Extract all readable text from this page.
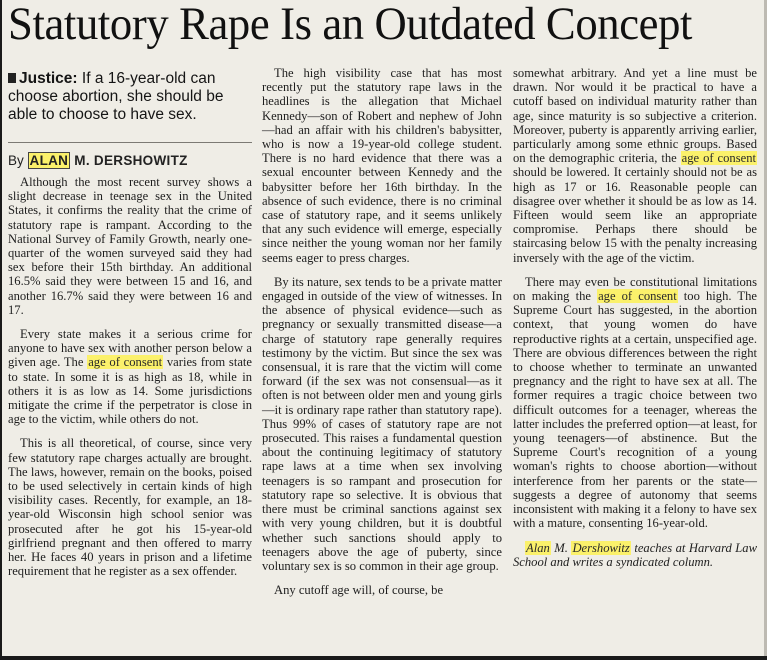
Statutory Rape Is an Outdated Concept
Justice: If a 16-year-old can choose abortion, she should be able to choose to have sex.
By ALAN M. DERSHOWITZ

Although the most recent survey shows a slight decrease in teenage sex in the United States, it confirms the reality that the crime of statutory rape is rampant. According to the National Survey of Family Growth, nearly one-quarter of the women surveyed said they had sex before their 15th birthday. An additional 16.5% said they were between 15 and 16, and another 16.7% said they were between 16 and 17.

Every state makes it a serious crime for anyone to have sex with another person below a given age. The age of consent varies from state to state. In some it is as high as 18, while in others it is as low as 14. Some jurisdictions mitigate the crime if the perpetrator is close in age to the victim, while others do not.

This is all theoretical, of course, since very few statutory rape charges actually are brought. The laws, however, remain on the books, poised to be used selectively in certain kinds of high visibility cases. Recently, for example, an 18-year-old Wisconsin high school senior was prosecuted after he got his 15-year-old girlfriend pregnant and then offered to marry her. He faces 40 years in prison and a lifetime requirement that he register as a sex offender.

The high visibility case that has most recently put the statutory rape laws in the headlines is the allegation that Michael Kennedy—son of Robert and nephew of John—had an affair with his children's babysitter, who is now a 19-year-old college student. There is no hard evidence that there was a sexual encounter between Kennedy and the babysitter before her 16th birthday. In the absence of such evidence, there is no criminal case of statutory rape, and it seems unlikely that any such evidence will emerge, especially since neither the young woman nor her family seems eager to press charges.

By its nature, sex tends to be a private matter engaged in outside of the view of witnesses. In the absence of physical evidence—such as pregnancy or sexually transmitted disease—a charge of statutory rape generally requires testimony by the victim. But since the sex was consensual, it is rare that the victim will come forward (if the sex was not consensual—as it often is not between older men and young girls—it is ordinary rape rather than statutory rape). Thus 99% of cases of statutory rape are not prosecuted. This raises a fundamental question about the continuing legitimacy of statutory rape laws at a time when sex involving teenagers is so rampant and prosecution for statutory rape so selective. It is obvious that there must be criminal sanctions against sex with very young children, but it is doubtful whether such sanctions should apply to teenagers above the age of puberty, since voluntary sex is so common in their age group.

Any cutoff age will, of course, be

somewhat arbitrary. And yet a line must be drawn. Nor would it be practical to have a cutoff based on individual maturity rather than age, since maturity is so subjective a criterion. Moreover, puberty is apparently arriving earlier, particularly among some ethnic groups. Based on the demographic criteria, the age of consent should be lowered. It certainly should not be as high as 17 or 16. Reasonable people can disagree over whether it should be as low as 14. Fifteen would seem like an appropriate compromise. Perhaps there should be staircasing below 15 with the penalty increasing inversely with the age of the victim.

There may even be constitutional limitations on making the age of consent too high. The Supreme Court has suggested, in the abortion context, that young women do have reproductive rights at a certain, unspecified age. There are obvious differences between the right to choose whether to terminate an unwanted pregnancy and the right to have sex at all. The former requires a tragic choice between two difficult outcomes for a teenager, whereas the latter includes the preferred option—at least, for young teenagers—of abstinence. But the Supreme Court's recognition of a young woman's rights to choose abortion—without interference from her parents or the state—suggests a degree of autonomy that seems inconsistent with making it a felony to have sex with a mature, consenting 16-year-old.

Alan M. Dershowitz teaches at Harvard Law School and writes a syndicated column.
